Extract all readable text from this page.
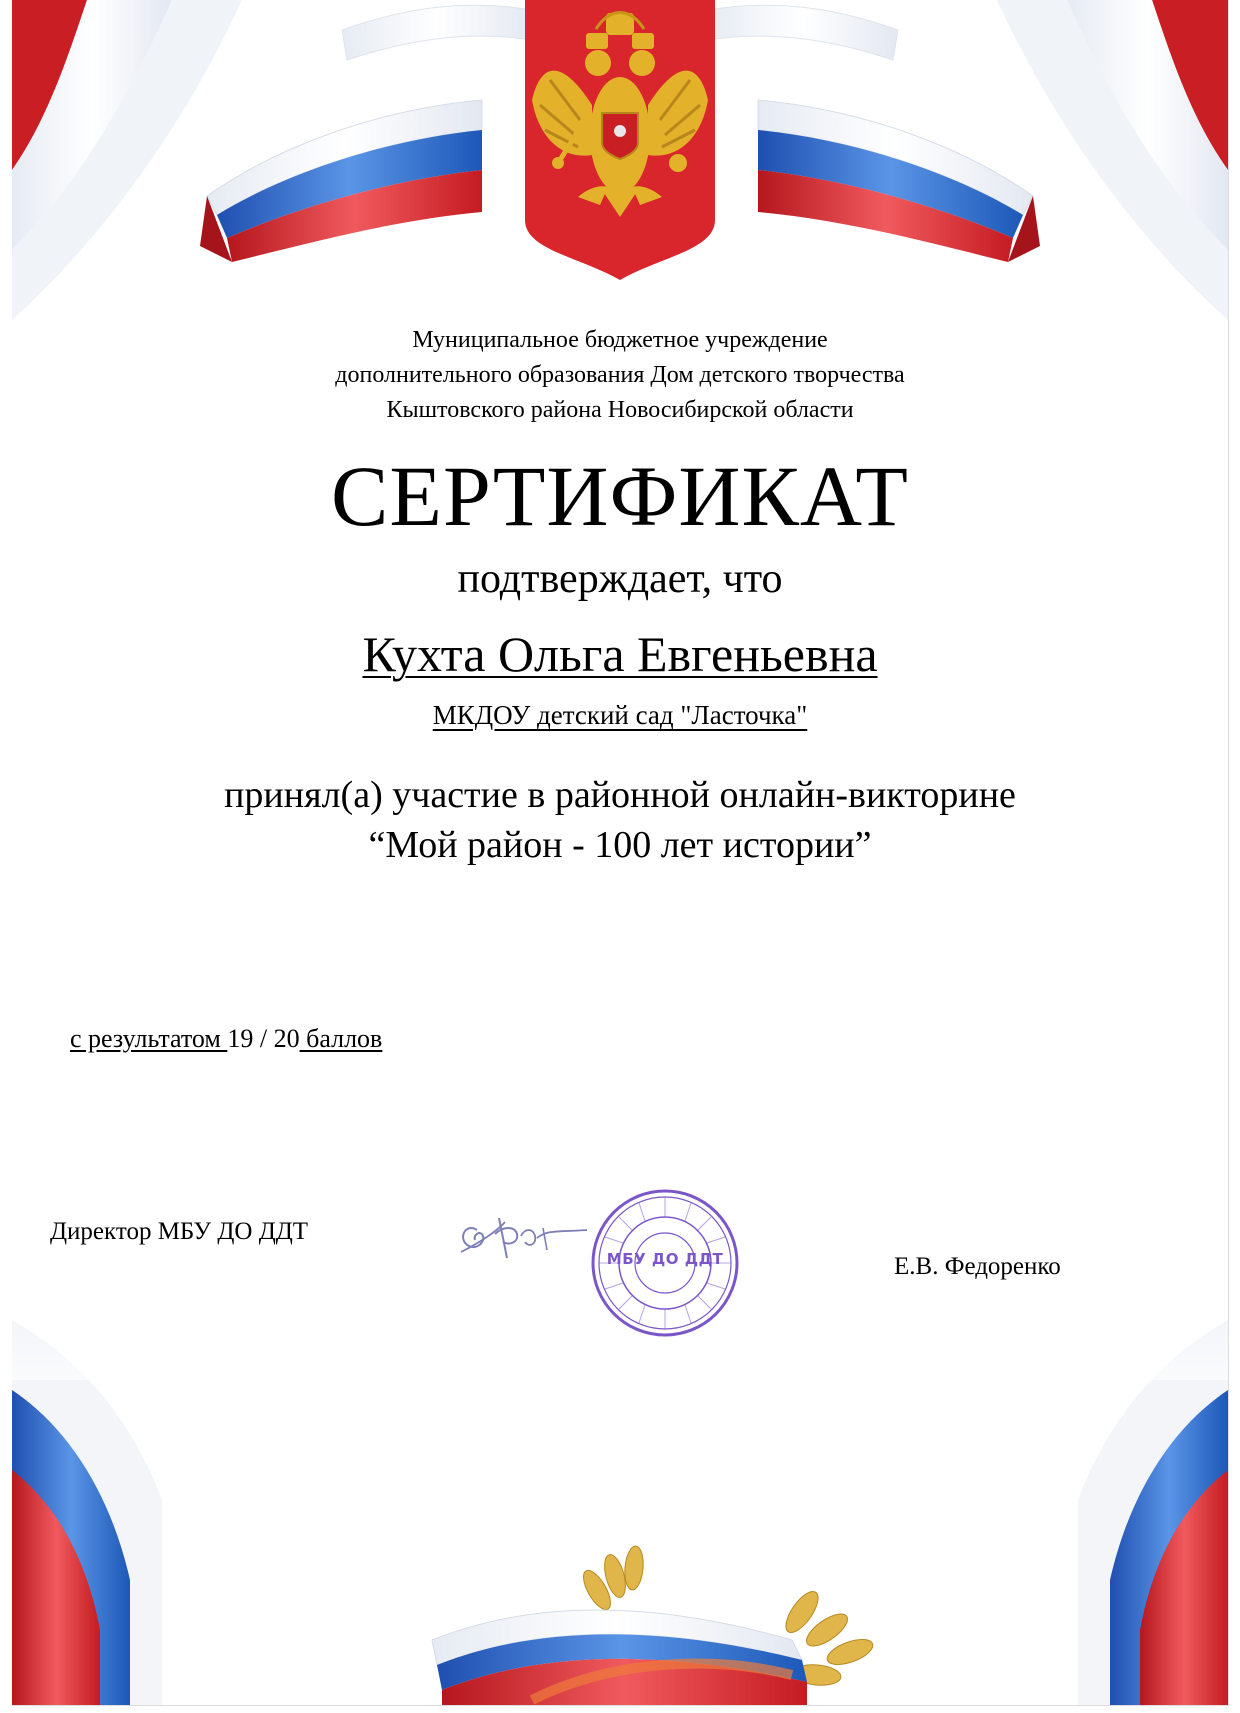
Муниципальное бюджетное учреждение
дополнительного образования Дом детского творчества
Кыштовского района Новосибирской области
СЕРТИФИКАТ
подтверждает, что
Кухта Ольга Евгеньевна
МКДОУ детский сад "Ласточка"
принял(а) участие в районной онлайн-викторине
“Мой район - 100 лет истории”
с результатом 19 / 20 баллов
Директор МБУ ДО ДДТ
МБУ ДО ДДТ	Е.В. Федоренко
